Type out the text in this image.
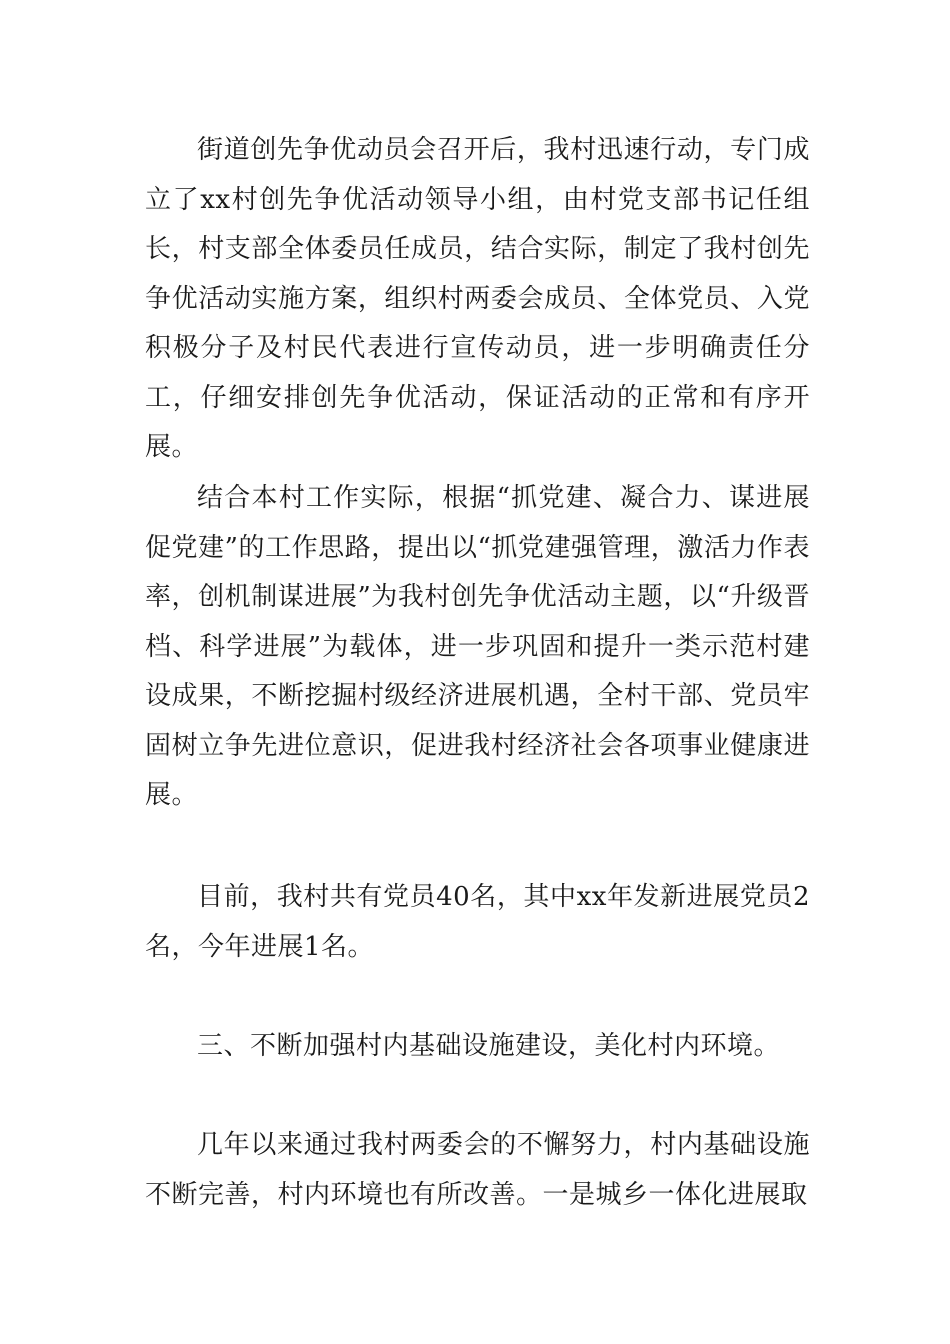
街道创先争优动员会召开后，我村迅速行动，专门成立了xx村创先争优活动领导小组，由村党支部书记任组长，村支部全体委员任成员，结合实际，制定了我村创先争优活动实施方案，组织村两委会成员、全体党员、入党积极分子及村民代表进行宣传动员，进一步明确责任分工，仔细安排创先争优活动，保证活动的正常和有序开展。

结合本村工作实际，根据“抓党建、凝合力、谋进展促党建”的工作思路，提出以“抓党建强管理，激活力作表率，创机制谋进展”为我村创先争优活动主题，以“升级晋档、科学进展”为载体，进一步巩固和提升一类示范村建设成果，不断挖掘村级经济进展机遇，全村干部、党员牢固树立争先进位意识，促进我村经济社会各项事业健康进展。

目前，我村共有党员40名，其中xx年发新进展党员2名，今年进展1名。

三、不断加强村内基础设施建设，美化村内环境。

几年以来通过我村两委会的不懈努力，村内基础设施不断完善，村内环境也有所改善。一是城乡一体化进展取
